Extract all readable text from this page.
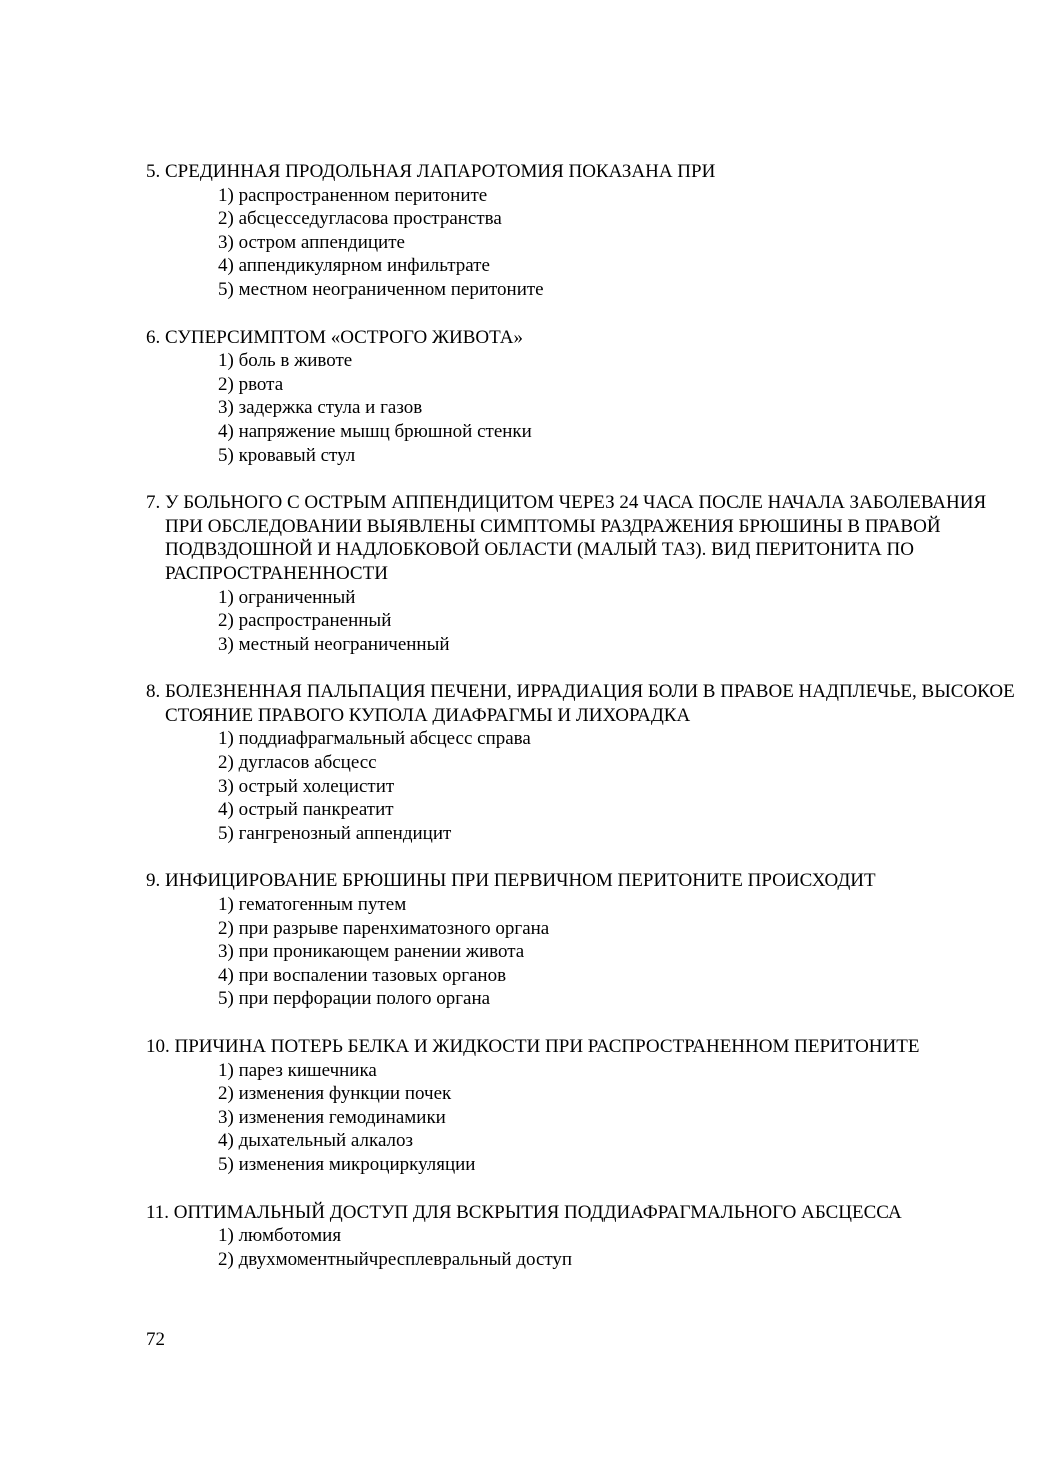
5. СРЕДИННАЯ ПРОДОЛЬНАЯ ЛАПАРОТОМИЯ ПОКАЗАНА ПРИ
1) распространенном перитоните
2) абсцесседугласова пространства
3) остром аппендиците
4) аппендикулярном инфильтрате
5) местном неограниченном перитоните
6. СУПЕРСИМПТОМ «ОСТРОГО ЖИВОТА»
1) боль в животе
2) рвота
3) задержка стула и газов
4) напряжение мышц брюшной стенки
5) кровавый стул
7. У БОЛЬНОГО С ОСТРЫМ АППЕНДИЦИТОМ ЧЕРЕЗ 24 ЧАСА ПОСЛЕ НАЧАЛА ЗАБОЛЕВАНИЯ ПРИ ОБСЛЕДОВАНИИ ВЫЯВЛЕНЫ СИМПТОМЫ РАЗДРАЖЕНИЯ БРЮШИНЫ В ПРАВОЙ ПОДВЗДОШНОЙ И НАДЛОБКОВОЙ ОБЛАСТИ (МАЛЫЙ ТАЗ). ВИД ПЕРИТОНИТА ПО РАСПРОСТРАНЕННОСТИ
1) ограниченный
2) распространенный
3) местный неограниченный
8. БОЛЕЗНЕННАЯ ПАЛЬПАЦИЯ ПЕЧЕНИ, ИРРАДИАЦИЯ БОЛИ В ПРАВОЕ НАДПЛЕЧЬЕ, ВЫСОКОЕ СТОЯНИЕ ПРАВОГО КУПОЛА ДИАФРАГМЫ И ЛИХОРАДКА
1) поддиафрагмальный абсцесс справа
2) дугласов абсцесс
3) острый холецистит
4) острый панкреатит
5) гангренозный аппендицит
9. ИНФИЦИРОВАНИЕ БРЮШИНЫ ПРИ ПЕРВИЧНОМ ПЕРИТОНИТЕ ПРОИСХОДИТ
1) гематогенным путем
2) при разрыве паренхиматозного органа
3) при проникающем ранении живота
4) при воспалении тазовых органов
5) при перфорации полого органа
10. ПРИЧИНА ПОТЕРЬ БЕЛКА И ЖИДКОСТИ ПРИ РАСПРОСТРАНЕННОМ ПЕРИТОНИТЕ
1) парез кишечника
2) изменения функции почек
3) изменения гемодинамики
4) дыхательный алкалоз
5) изменения микроциркуляции
11. ОПТИМАЛЬНЫЙ ДОСТУП ДЛЯ ВСКРЫТИЯ ПОДДИАФРАГМАЛЬНОГО АБСЦЕССА
1) люмботомия
2) двухмоментныйчресплевральный доступ
72
